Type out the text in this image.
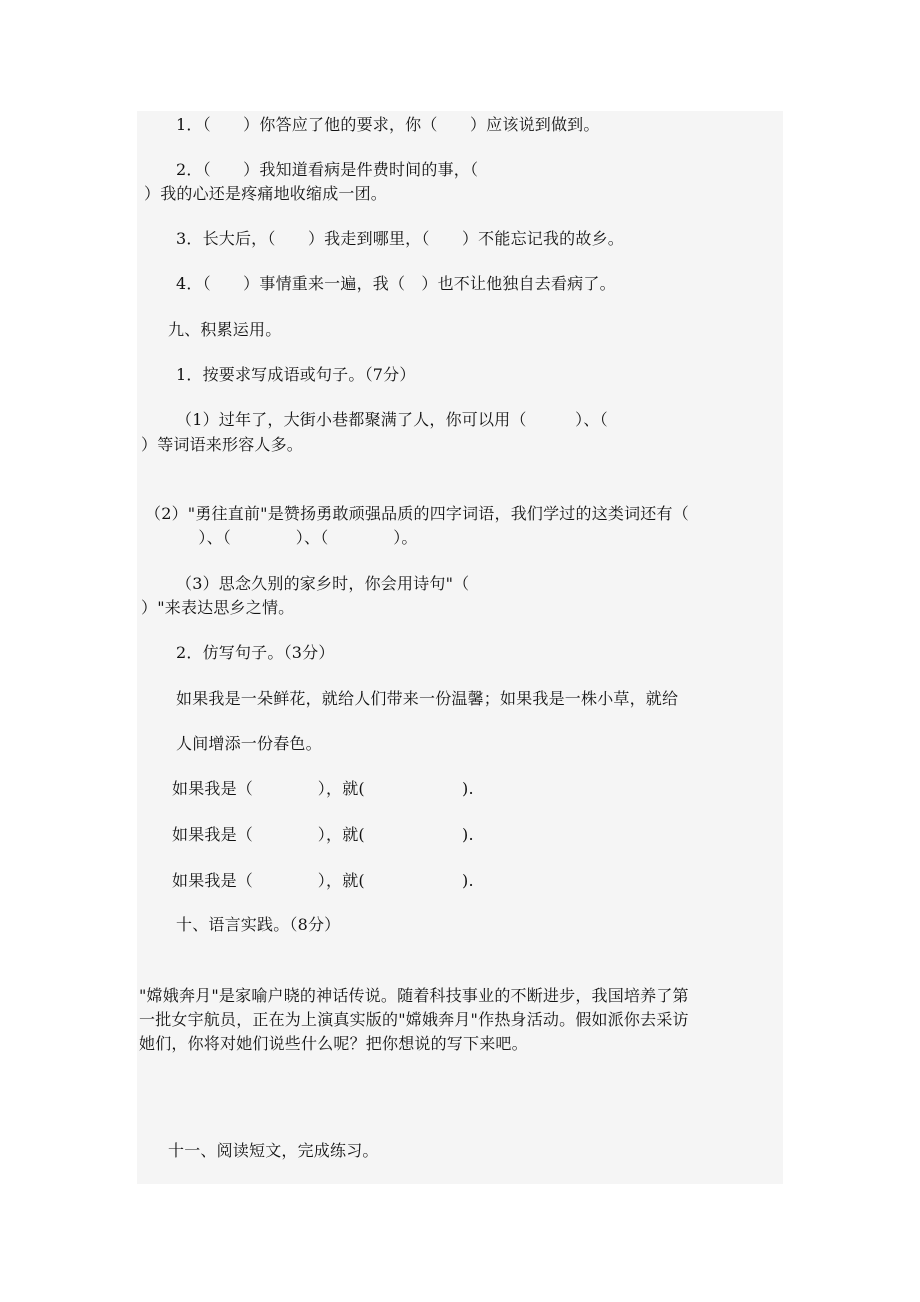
1．（　　）你答应了他的要求，你（　　）应该说到做到。
2．（　　）我知道看病是件费时间的事，（
）我的心还是疼痛地收缩成一团。
3．长大后，（　　）我走到哪里，（　　）不能忘记我的故乡。
4．（　　）事情重来一遍，我（　）也不让他独自去看病了。
九、积累运用。
1．按要求写成语或句子。（7分）
（1）过年了，大街小巷都聚满了人，你可以用（　　　）、（
）等词语来形容人多。
（2）"勇往直前"是赞扬勇敢顽强品质的四字词语，我们学过的这类词还有（
　　）、（　　　　）、（　　　　）。
（3）思念久别的家乡时，你会用诗句"（
）"来表达思乡之情。
2．仿写句子。（3分）
如果我是一朵鲜花，就给人们带来一份温馨；如果我是一株小草，就给
人间增添一份春色。
如果我是（　　　　），就(　　　　　　).
如果我是（　　　　），就(　　　　　　).
如果我是（　　　　），就(　　　　　　).
十、语言实践。（8分）
"嫦娥奔月"是家喻户晓的神话传说。随着科技事业的不断进步，我国培养了第
一批女宇航员，正在为上演真实版的"嫦娥奔月"作热身活动。假如派你去采访
她们，你将对她们说些什么呢？把你想说的写下来吧。
十一、阅读短文，完成练习。
